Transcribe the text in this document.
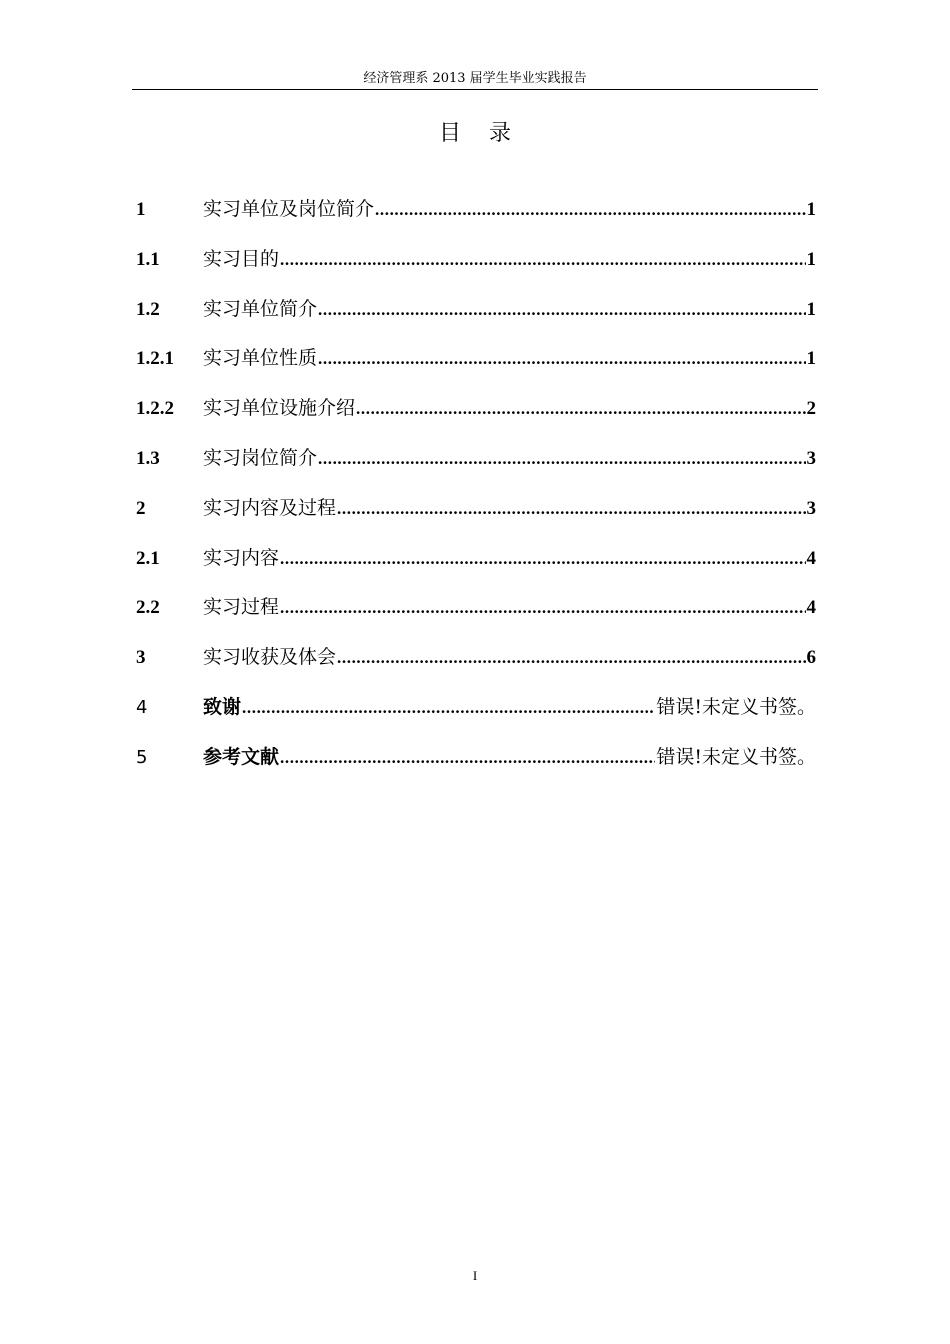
经济管理系 2013 届学生毕业实践报告
目录
1	实习单位及岗位简介 .....	1
1.1	实习目的 .....	1
1.2	实习单位简介 .....	1
1.2.1	实习单位性质 .....	1
1.2.2	实习单位设施介绍 .....	2
1.3	实习岗位简介 .....	3
2	实习内容及过程 .....	3
2.1	实习内容 .....	4
2.2	实习过程 .....	4
3	实习收获及体会 .....	6
4	致谢 .....	错误!未定义书签。
5	参考文献 .....	错误!未定义书签。
I
